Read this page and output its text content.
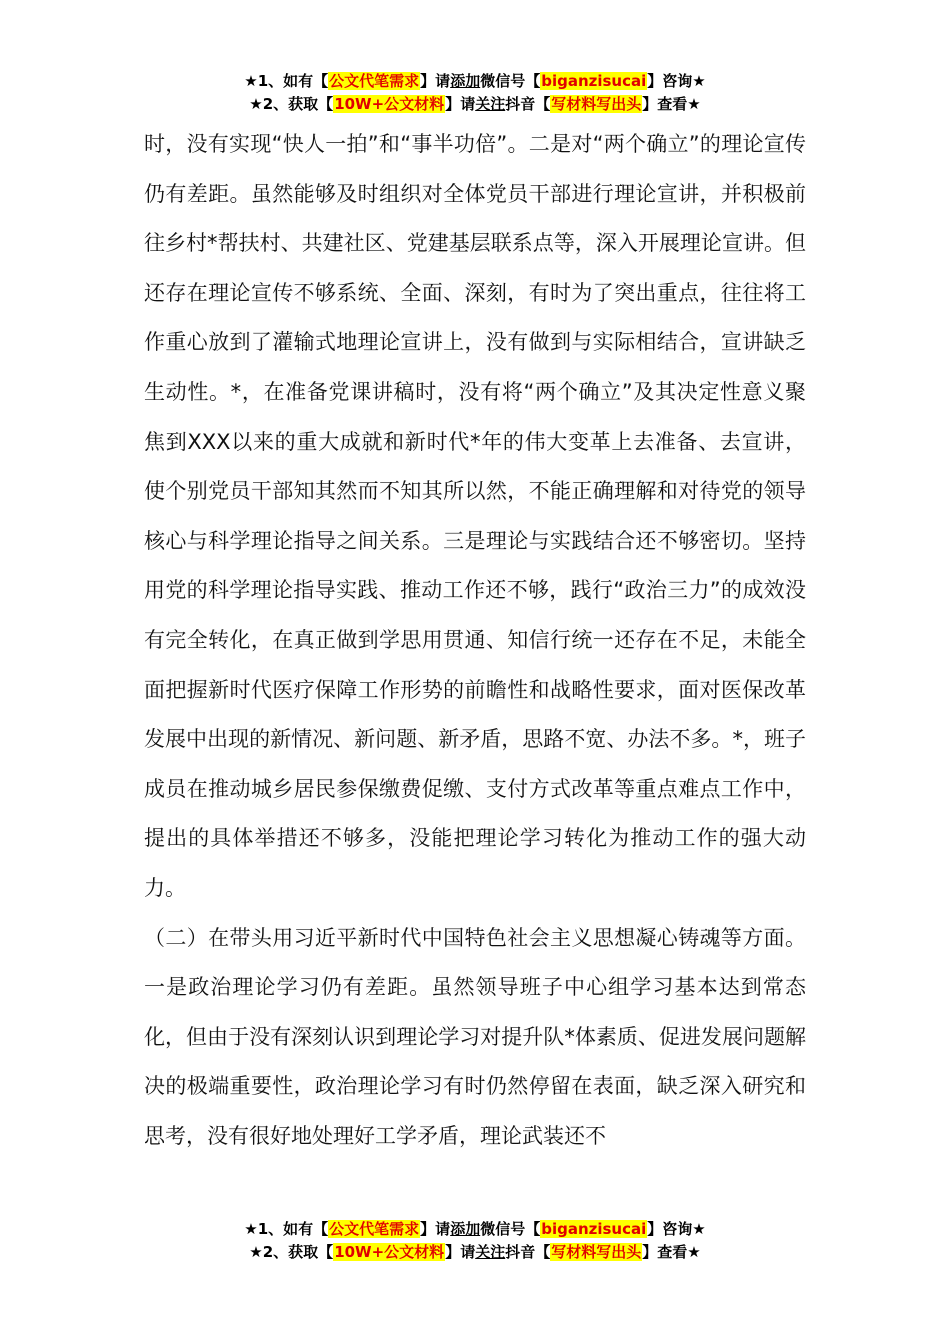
★1、如有【公文代笔需求】请添加微信号【biganzisucai】咨询★
★2、获取【10W+公文材料】请关注抖音【写材料写出头】查看★

时，没有实现“快人一拍”和“事半功倍”。二是对“两个确立”的理论宣传仍有差距。虽然能够及时组织对全体党员干部进行理论宣讲，并积极前往乡村*帮扶村、共建社区、党建基层联系点等，深入开展理论宣讲。但还存在理论宣传不够系统、全面、深刻，有时为了突出重点，往往将工作重心放到了灌输式地理论宣讲上，没有做到与实际相结合，宣讲缺乏生动性。*，在准备党课讲稿时，没有将“两个确立”及其决定性意义聚焦到XXX以来的重大成就和新时代*年的伟大变革上去准备、去宣讲，使个别党员干部知其然而不知其所以然，不能正确理解和对待党的领导核心与科学理论指导之间关系。三是理论与实践结合还不够密切。坚持用党的科学理论指导实践、推动工作还不够，践行“政治三力”的成效没有完全转化，在真正做到学思用贯通、知信行统一还存在不足，未能全面把握新时代医疗保障工作形势的前瞻性和战略性要求，面对医保改革发展中出现的新情况、新问题、新矛盾，思路不宽、办法不多。*，班子成员在推动城乡居民参保缴费促缴、支付方式改革等重点难点工作中，提出的具体举措还不够多，没能把理论学习转化为推动工作的强大动力。

（二）在带头用习近平新时代中国特色社会主义思想凝心铸魂等方面。一是政治理论学习仍有差距。虽然领导班子中心组学习基本达到常态化，但由于没有深刻认识到理论学习对提升队*体素质、促进发展问题解决的极端重要性，政治理论学习有时仍然停留在表面，缺乏深入研究和思考，没有很好地处理好工学矛盾，理论武装还不

★1、如有【公文代笔需求】请添加微信号【biganzisucai】咨询★
★2、获取【10W+公文材料】请关注抖音【写材料写出头】查看★
